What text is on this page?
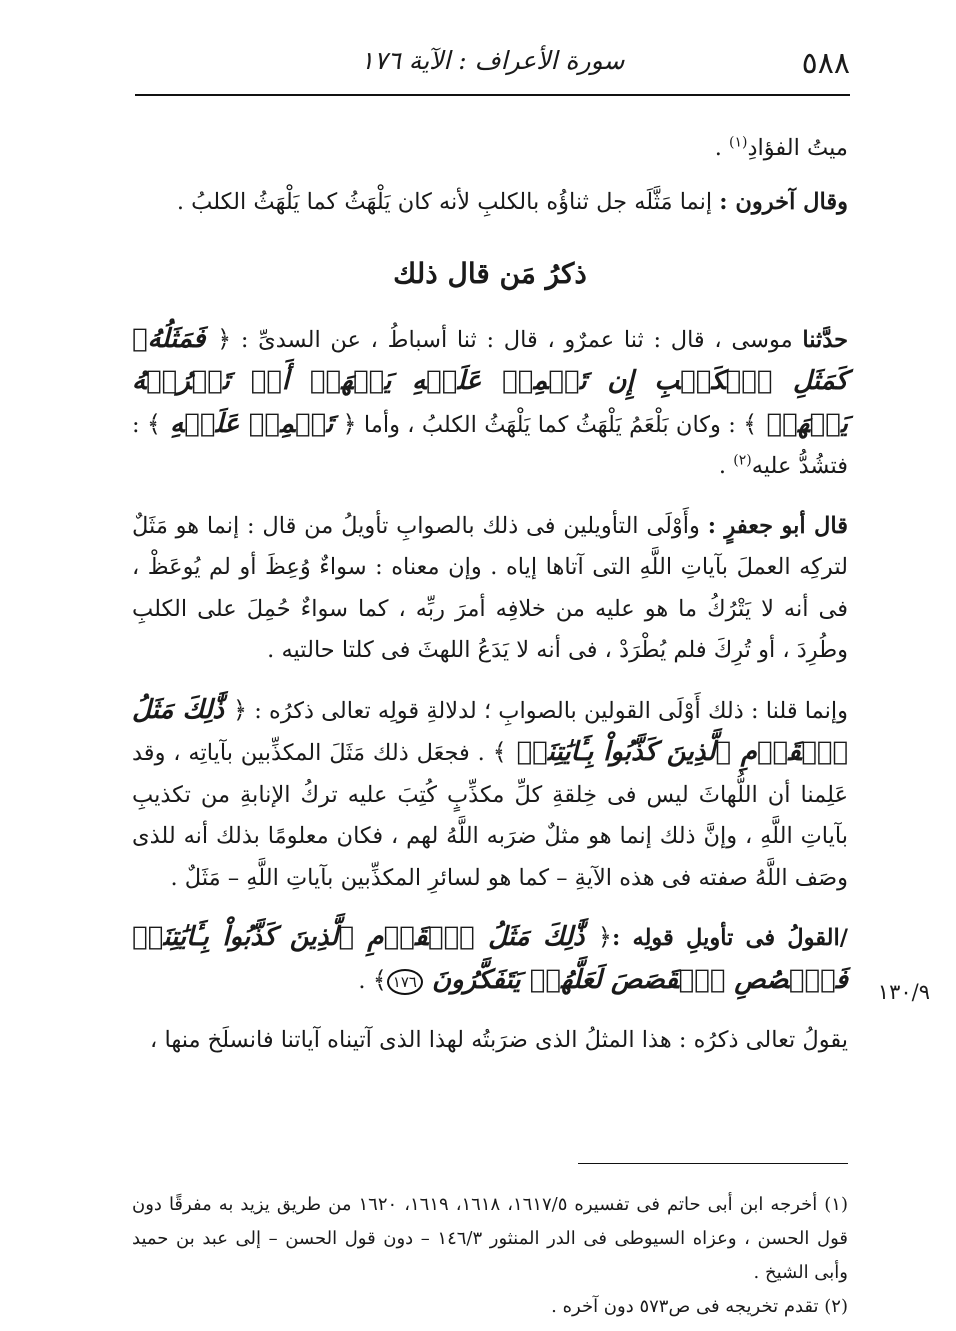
٥٨٨
سورة الأعراف : الآية ١٧٦

ميتُ الفؤادِ$^{(١)}$ .

وقال آخرون : إنما مَثَّلَه جل ثناؤُه بالكلبِ لأنه كان يَلْهَثُ كما يَلْهَثُ الكلبُ .

ذكرُ مَن قال ذلك

حدَّثنا موسى ، قال : ثنا عمرٌو ، قال : ثنا أسباطُ ، عن السدىِّ : ﴿ فَمَثَلُهُۥ كَمَثَلِ ٱلۡكَلۡبِ إِن تَحۡمِلۡ عَلَيۡهِ يَلۡهَثۡ أَوۡ تَتۡرُكۡهُ يَلۡهَثۚ ﴾ : وكان بَلْعَمُ يَلْهَثُ كما يَلْهَثُ الكلبُ ، وأما ﴿ تَحۡمِلۡ عَلَيۡهِ ﴾ : فتشُدُّ عليه$^{(٢)}$ .

قال أبو جعفرٍ : وأَوْلَى التأويلين فى ذلك بالصوابِ تأويلُ من قال : إنما هو مَثَلٌ لتركِه العملَ بآياتِ اللَّهِ التى آتاها إياه . وإن معناه : سواءٌ وُعِظَ أو لم يُوعَظْ ، فى أنه لا يَتْرُكُ ما هو عليه من خلافِه أمرَ ربِّه ، كما سواءٌ حُمِلَ على الكلبِ وطُرِدَ ، أو تُرِكَ فلم يُطْرَدْ ، فى أنه لا يَدَعُ اللهثَ فى كلتا حالتيه .

وإنما قلنا : ذلك أَوْلَى القولين بالصوابِ ؛ لدلالةِ قولِه تعالى ذكرُه : ﴿ ذَّٰلِكَ مَثَلُ ٱلۡقَوۡمِ ٱلَّذِينَ كَذَّبُواْ بِـَٔايَٰتِنَاۚ ﴾ . فجعَل ذلك مَثَلَ المكذِّبين بآياتِه ، وقد عَلِمنا أن اللُّهاثَ ليس فى خِلقةِ كلِّ مكذِّبٍ كُتِبَ عليه تركُ الإنابةِ من تكذيبِ بآياتِ اللَّهِ ، وإنَّ ذلك إنما هو مثلٌ ضرَبه اللَّهُ لهم ، فكان معلومًا بذلك أنه للذى وصَف اللَّهُ صفته فى هذه الآيةِ – كما هو لسائرِ المكذِّبين بآياتِ اللَّهِ – مَثَلٌ .

/القولُ فى تأويلِ قولِه :﴿ ذَّٰلِكَ مَثَلُ ٱلۡقَوۡمِ ٱلَّذِينَ كَذَّبُواْ بِـَٔايَٰتِنَاۚ فَٱقۡصُصِ ٱلۡقَصَصَ لَعَلَّهُمۡ يَتَفَكَّرُونَ ١٧٦﴾ .

يقولُ تعالى ذكرُه : هذا المثلُ الذى ضرَبتُه لهذا الذى آتيناه آياتنا فانسلَخ منها ،

١٣٠/٩

(١) أخرجه ابن أبى حاتم فى تفسيره ١٦١٧/٥، ١٦١٨، ١٦١٩، ١٦٢٠ من طريق يزيد به مفرقًا دون قول الحسن ، وعزاه السيوطى فى الدر المنثور ١٤٦/٣ – دون قول الحسن – إلى عبد بن حميد وأبى الشيخ .

(٢) تقدم تخريجه فى ص٥٧٣ دون آخره .
